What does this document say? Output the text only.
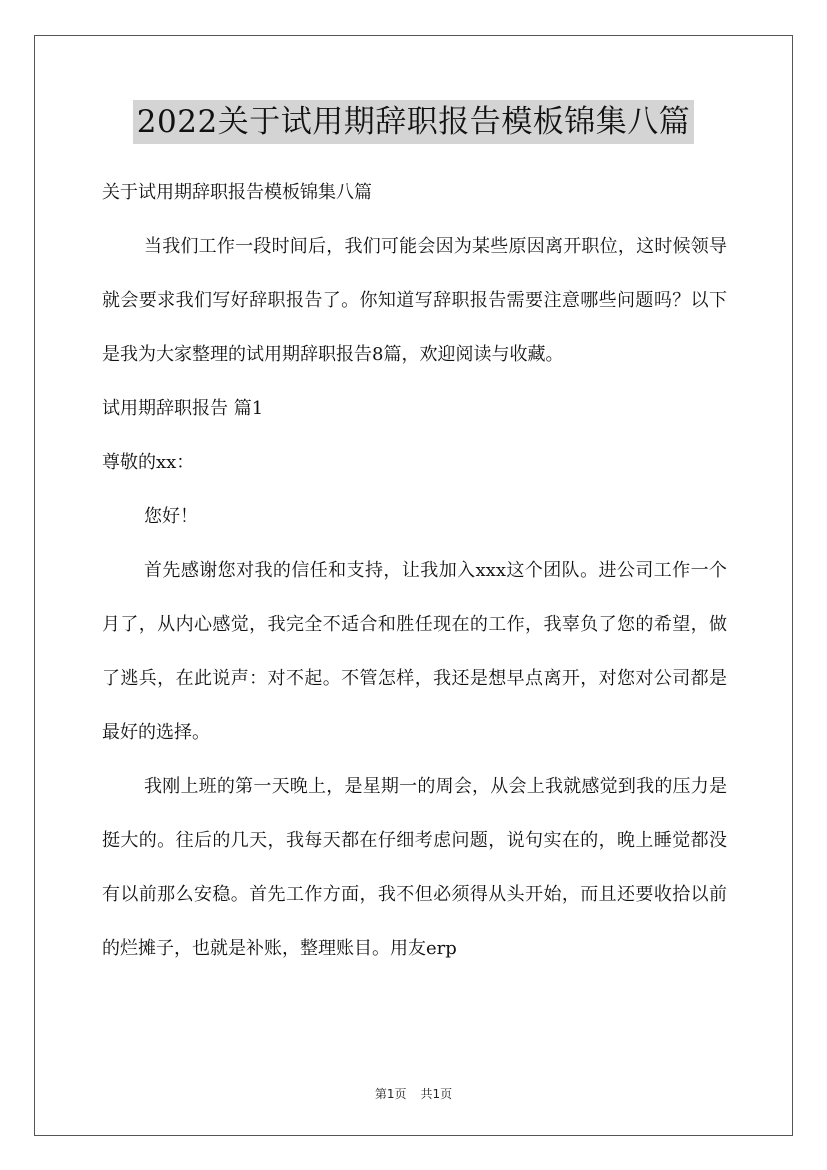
2022关于试用期辞职报告模板锦集八篇

关于试用期辞职报告模板锦集八篇

当我们工作一段时间后，我们可能会因为某些原因离开职位，这时候领导就会要求我们写好辞职报告了。你知道写辞职报告需要注意哪些问题吗？以下是我为大家整理的试用期辞职报告8篇，欢迎阅读与收藏。

试用期辞职报告 篇1

尊敬的xx：

您好！

首先感谢您对我的信任和支持，让我加入xxx这个团队。进公司工作一个月了，从内心感觉，我完全不适合和胜任现在的工作，我辜负了您的希望，做了逃兵，在此说声：对不起。不管怎样，我还是想早点离开，对您对公司都是最好的选择。

我刚上班的第一天晚上，是星期一的周会，从会上我就感觉到我的压力是挺大的。往后的几天，我每天都在仔细考虑问题，说句实在的，晚上睡觉都没有以前那么安稳。首先工作方面，我不但必须得从头开始，而且还要收拾以前的烂摊子，也就是补账，整理账目。用友erp

第1页 共1页
